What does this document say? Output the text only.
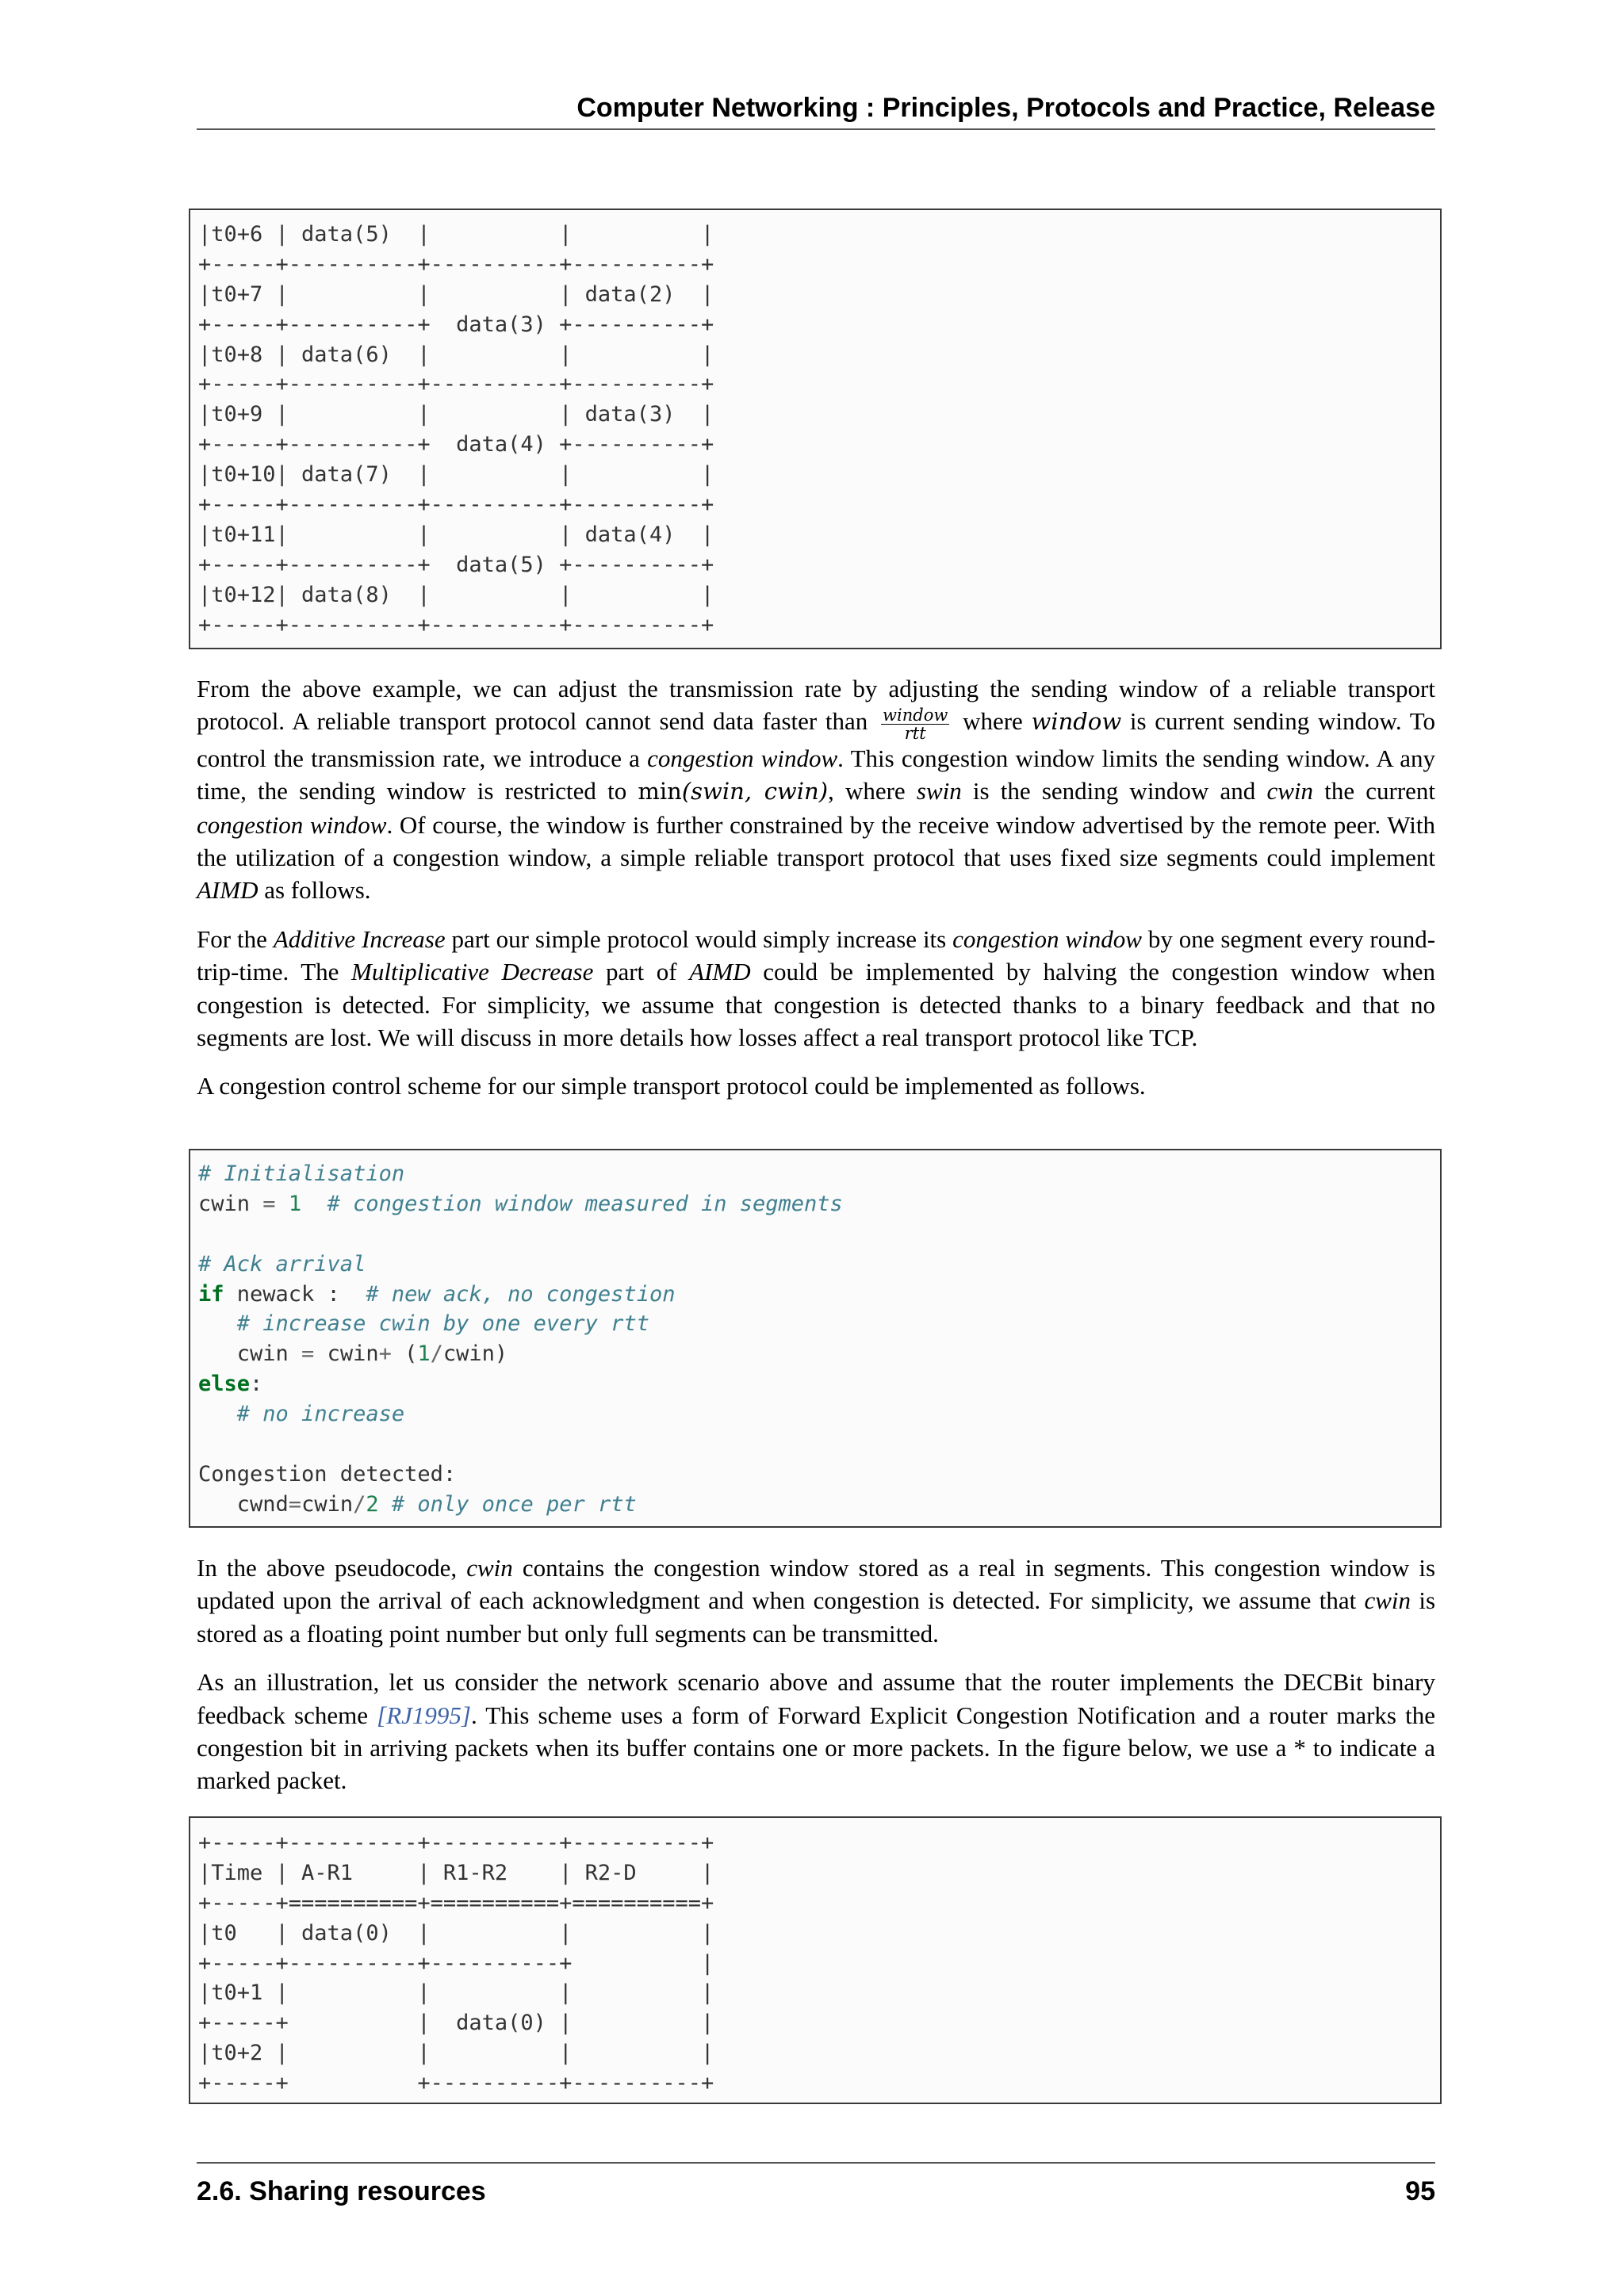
Computer Networking : Principles, Protocols and Practice, Release
|t0+6 | data(5)  |          |          |
+-----+----------+----------+----------+
|t0+7 |          |          | data(2)  |
+-----+----------+  data(3) +----------+
|t0+8 | data(6)  |          |          |
+-----+----------+----------+----------+
|t0+9 |          |          | data(3)  |
+-----+----------+  data(4) +----------+
|t0+10| data(7)  |          |          |
+-----+----------+----------+----------+
|t0+11|          |          | data(4)  |
+-----+----------+  data(5) +----------+
|t0+12| data(8)  |          |          |
+-----+----------+----------+----------+

From the above example, we can adjust the transmission rate by adjusting the sending window of a reliable transport protocol. A reliable transport protocol cannot send data faster than $\frac{\text{window}}{\text{rtt}}$ where window is current sending window. To control the transmission rate, we introduce a congestion window. This congestion window limits the sending window. A any time, the sending window is restricted to min(swin, cwin), where swin is the sending window and cwin the current congestion window. Of course, the window is further constrained by the receive window advertised by the remote peer. With the utilization of a congestion window, a simple reliable transport protocol that uses fixed size segments could implement AIMD as follows.

For the Additive Increase part our simple protocol would simply increase its congestion window by one segment every round-trip-time. The Multiplicative Decrease part of AIMD could be implemented by halving the congestion window when congestion is detected. For simplicity, we assume that congestion is detected thanks to a binary feedback and that no segments are lost. We will discuss in more details how losses affect a real transport protocol like TCP.

A congestion control scheme for our simple transport protocol could be implemented as follows.

# Initialisation
cwin = 1 # congestion window measured in segments
# Ack arrival
if newack :  # new ack, no congestion
# increase cwin by one every rtt
cwin = cwin+ (1/cwin)
else:
# no increase
Congestion detected:
cwnd=cwin/2 # only once per rtt

In the above pseudocode, cwin contains the congestion window stored as a real in segments. This congestion window is updated upon the arrival of each acknowledgment and when congestion is detected. For simplicity, we assume that cwin is stored as a floating point number but only full segments can be transmitted.

As an illustration, let us consider the network scenario above and assume that the router implements the DECBit binary feedback scheme [RJ1995]. This scheme uses a form of Forward Explicit Congestion Notification and a router marks the congestion bit in arriving packets when its buffer contains one or more packets. In the figure below, we use a * to indicate a marked packet.

+-----+----------+----------+----------+
|Time | A-R1     | R1-R2    | R2-D     |
+-----+==========+==========+==========+
|t0   | data(0)  |          |          |
+-----+----------+----------+          |
|t0+1 |          |          |          |
+-----+          |  data(0) |          |
|t0+2 |          |          |          |
+-----+          +----------+----------+
2.6. Sharing resources	95
